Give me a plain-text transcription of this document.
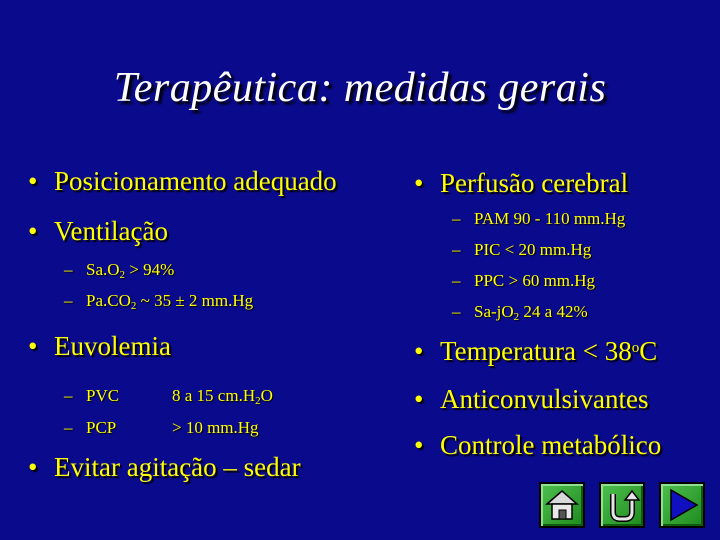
Terapêutica: medidas gerais
• Posicionamento adequado
• Ventilação
– $Sa.O_2 > 94\%$
– $Pa.CO_2$ ~ 35 ± 2 mm.Hg
• Euvolemia
– PVC	8 a 15 $cm.H_2O$
– PCP	> 10 mm.Hg
• Evitar agitação – sedar
• Perfusão cerebral
– PAM 90 - 110 mm.Hg
– PIC < 20 mm.Hg
– PPC > 60 mm.Hg
– $Sa-jO_2$ 24 a 42%
• Temperatura < $38^oC$
• Anticonvulsivantes
• Controle metabólico
